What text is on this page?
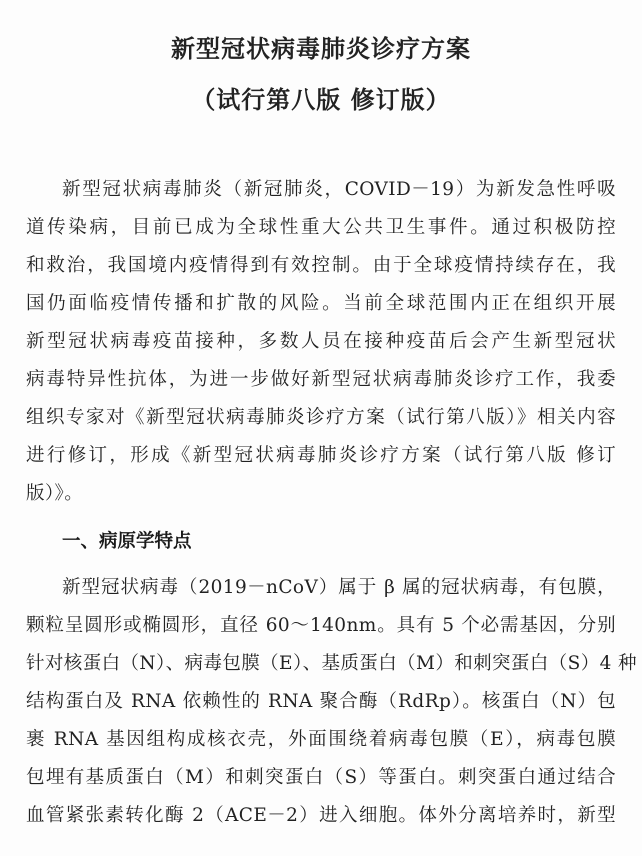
新型冠状病毒肺炎诊疗方案
（试行第八版 修订版）
新型冠状病毒肺炎（新冠肺炎，COVID－19）为新发急性呼吸
道传染病，目前已成为全球性重大公共卫生事件。通过积极防控
和救治，我国境内疫情得到有效控制。由于全球疫情持续存在，我
国仍面临疫情传播和扩散的风险。当前全球范围内正在组织开展
新型冠状病毒疫苗接种，多数人员在接种疫苗后会产生新型冠状
病毒特异性抗体，为进一步做好新型冠状病毒肺炎诊疗工作，我委
组织专家对《新型冠状病毒肺炎诊疗方案（试行第八版）》相关内容
进行修订，形成《新型冠状病毒肺炎诊疗方案（试行第八版 修订
版）》。
一、病原学特点
新型冠状病毒（2019－nCoV）属于 β 属的冠状病毒，有包膜，
颗粒呈圆形或椭圆形，直径 60～140nm。具有 5 个必需基因，分别
针对核蛋白（N）、病毒包膜（E）、基质蛋白（M）和刺突蛋白（S）4 种
结构蛋白及 RNA 依赖性的 RNA 聚合酶（RdRp）。核蛋白（N）包
裹 RNA 基因组构成核衣壳，外面围绕着病毒包膜（E），病毒包膜
包埋有基质蛋白（M）和刺突蛋白（S）等蛋白。刺突蛋白通过结合
血管紧张素转化酶 2（ACE－2）进入细胞。体外分离培养时，新型
